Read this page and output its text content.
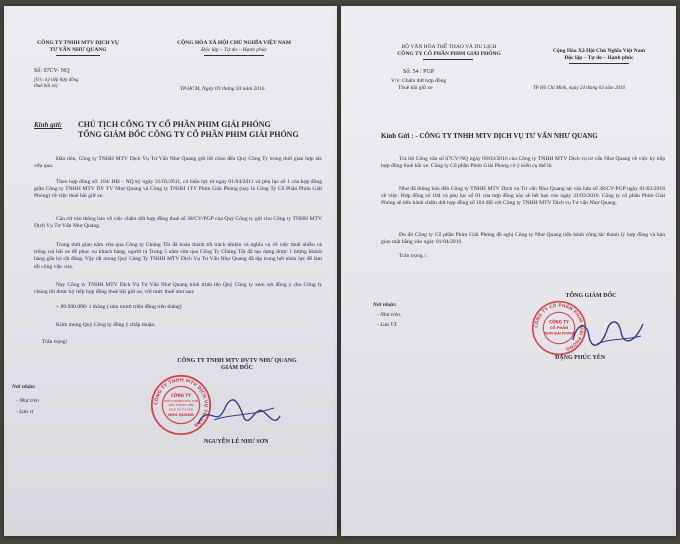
CÔNG TY TNHH MTV DỊCH VỤ
TƯ VẤN NHƯ QUANG
CỘNG HÒA XÃ HỘI CHỦ NGHĨA VIỆT NAM
Độc lập – Tự do – Hạnh phúc
Số: 07CV- NQ
(V/v: ký tiếp hợp đồng
thuê bãi xe)	TP.HCM, Ngày 09 tháng 03 năm 2016
Kính gửi: CHỦ TỊCH CÔNG TY CỔ PHẦN PHIM GIẢI PHÓNG
TỔNG GIÁM ĐỐC CÔNG TY CỔ PHẦN PHIM GIẢI PHÓNG
Đầu tiên, Công ty TNHH MTV Dịch Vụ Tư Vấn Như Quang gửi lời chào đến Quý Công Ty trong thời gian hợp tác vừa qua.
Theo hợp đồng số: 104/ HĐ – NQ ký ngày 31/03/2011, có hiệu lực từ ngày 01/04/2011 và phụ lục số 1 của hợp đồng giữa Công ty TNHH MTV DV TV Như Quang và Công ty TNHH 1TV Phim Giải Phóng (nay là Công Ty Cổ Phần Phim Giải Phóng) về việc thuê bãi giữ xe.
Căn cứ vào thông báo về việc chấm dứt hợp đồng thuê số 38/CV/PGP của Quý Công ty gửi cho Công ty TNHH MTV Dịch Vụ Tư Vấn Như Quang.
Trong thời gian năm vừa qua Công ty Chúng Tôi đã hoàn thành tốt trách nhiệm và nghĩa vụ về việc thuê nhiều và trông coi bãi xe để phục vụ khách hàng, người ra Trung 5 năm vừa qua Công Ty Chúng Tôi đã tạo dựng được 1 lượng khách hàng gắn bó rất đông. Vậy rất mong Quý Công Ty TNHH MTV Dịch Vụ Tư Vấn Như Quang đã tập trung hết nhân lực để làm tốt công việc này.
Nay Công ty TNHH MTV Dịch Vụ Tư Vấn Như Quang kính trình lên Quý Công ty xem xét đồng ý cho Công ty chúng tôi được ký tiếp hợp đồng thuê bãi giữ xe, với mức thuế như sau:
+ 80.000.000/ 1 tháng ( tám mươi triệu đồng trên tháng)
Kính mong Quý Công ty đồng ý chấp thuận.
Trân trọng!
CÔNG TY TNHH MTV DVTV NHƯ QUANG
GIÁM ĐỐC
Nơi nhận:
- Như trên
- Lưu vt
CÔNG TY TNHH MTV DỊCH VỤ TƯ VẤN
CÔNG TY
TRÁCH NHIỆM HỮU HẠN
MỘT THÀNH VIÊN
DỊCH VỤ TƯ VẤN
NHƯ QUANG
NGUYỄN LÊ NHƯ SƠN
BỘ VĂN HÓA THỂ THAO VÀ DU LỊCH
CÔNG TY CỔ PHẦN PHIM GIẢI PHÓNG	Cộng Hòa Xã Hội Chủ Nghĩa Việt Nam
Độc lập – Tự do – Hạnh phúc
Số: 54 / PGP
V/v: Chấm dứt hợp đồng
Thuê bãi giữ xe	TP Hồ Chí Minh, ngày 24 tháng 03 năm 2016
Kính Gửi : - CÔNG TY TNHH MTV DỊCH VỤ TƯ VẤN NHƯ QUANG
Trả lời Công văn số 07CV-NQ ngày 09/03/2016 của Công ty TNHH MTV Dịch vụ tư vấn Như Quang về việc ký tiếp hợp đồng thuê bãi xe. Công ty Cổ phần Phim Giải Phóng có ý kiến cụ thể là:
Như đã thông báo đến Công ty TNHH MTV Dịch vụ Tư vấn Như Quang tại văn bản số 38/CV-PGP ngày 01/03/2016 về việc: Hợp đồng số 104 và phụ lục số 01 của hợp đồng này sẽ hết hạn vào ngày 31/03/2016. Công ty cổ phần Phim Giải Phóng sẽ tiến hành chấm dứt hợp đồng số 104 đối với Công ty TNHH MTV Dịch vụ Tư vấn Như Quang.
Do đó Công ty Cổ phần Phim Giải Phóng đề nghị Công ty Như Quang tiến hành công tác thanh lý hợp đồng và bàn giao mặt bằng vào ngày 01/04/2016.
Trân trọng./.
TỔNG GIÁM ĐỐC
Nơi nhận:
- Như trên.
- Lưu VT.	CÔNG TY CỔ PHẦN PHIM GIẢI PHÓNG
CÔNG TY
CỔ PHẦN
PHIM GIẢI PHÓNG
ĐẶNG PHÚC YÊN
